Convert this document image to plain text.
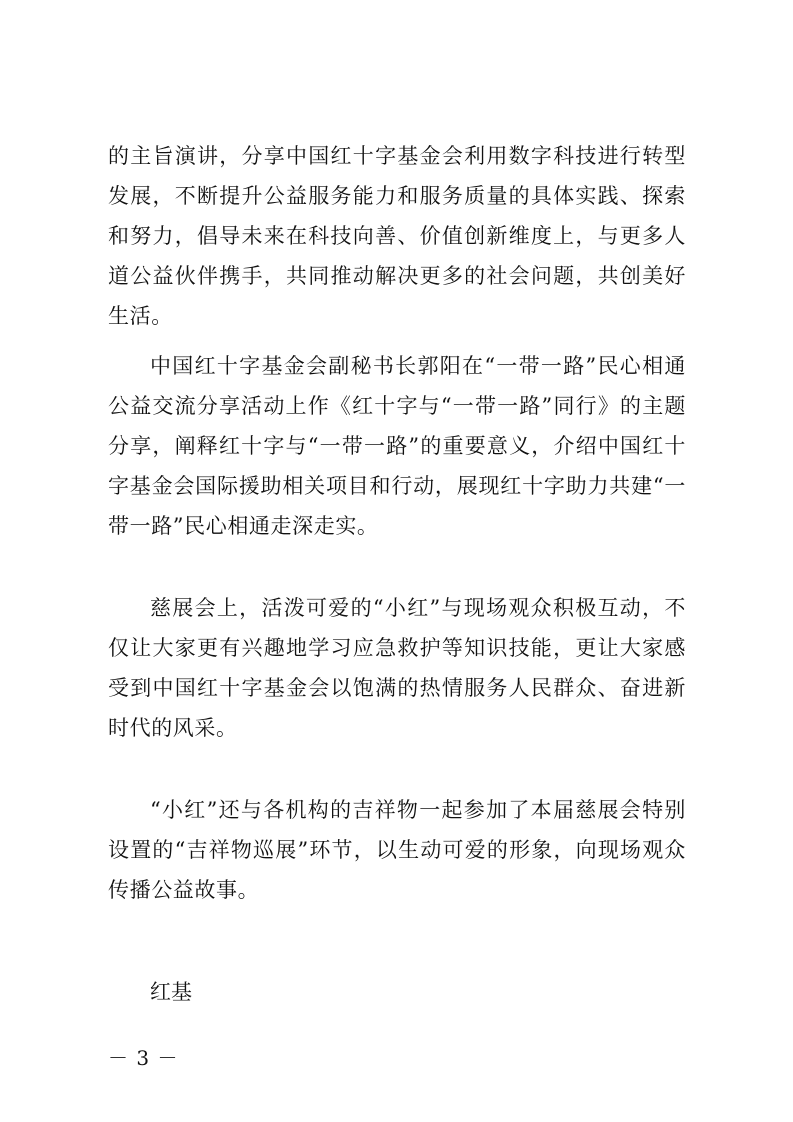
的主旨演讲，分享中国红十字基金会利用数字科技进行转型发展，不断提升公益服务能力和服务质量的具体实践、探索和努力，倡导未来在科技向善、价值创新维度上，与更多人道公益伙伴携手，共同推动解决更多的社会问题，共创美好生活。

中国红十字基金会副秘书长郭阳在“一带一路”民心相通公益交流分享活动上作《红十字与“一带一路”同行》的主题分享，阐释红十字与“一带一路”的重要意义，介绍中国红十字基金会国际援助相关项目和行动，展现红十字助力共建“一带一路”民心相通走深走实。

慈展会上，活泼可爱的“小红”与现场观众积极互动，不仅让大家更有兴趣地学习应急救护等知识技能，更让大家感受到中国红十字基金会以饱满的热情服务人民群众、奋进新时代的风采。

“小红”还与各机构的吉祥物一起参加了本届慈展会特别设置的“吉祥物巡展”环节，以生动可爱的形象，向现场观众传播公益故事。

红基

－ 3 －
